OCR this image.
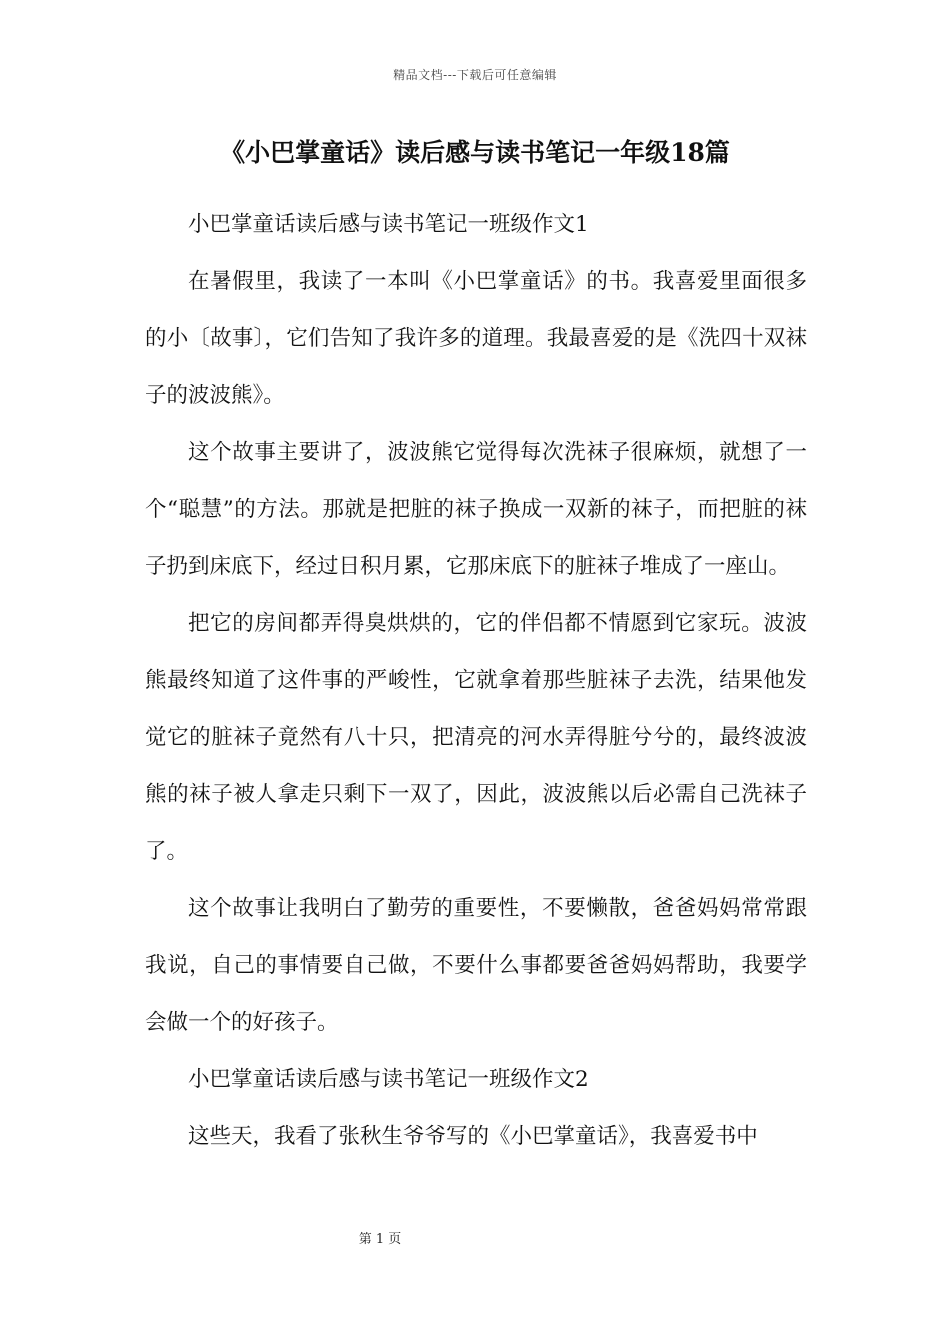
精品文档---下载后可任意编辑
《小巴掌童话》读后感与读书笔记一年级18篇

小巴掌童话读后感与读书笔记一班级作文1

在暑假里，我读了一本叫《小巴掌童话》的书。我喜爱里面很多的小〔故事〕，它们告知了我许多的道理。我最喜爱的是《洗四十双袜子的波波熊》。

这个故事主要讲了，波波熊它觉得每次洗袜子很麻烦，就想了一个“聪慧”的方法。那就是把脏的袜子换成一双新的袜子，而把脏的袜子扔到床底下，经过日积月累，它那床底下的脏袜子堆成了一座山。

把它的房间都弄得臭烘烘的，它的伴侣都不情愿到它家玩。波波熊最终知道了这件事的严峻性，它就拿着那些脏袜子去洗，结果他发觉它的脏袜子竟然有八十只，把清亮的河水弄得脏兮兮的，最终波波熊的袜子被人拿走只剩下一双了，因此，波波熊以后必需自己洗袜子了。

这个故事让我明白了勤劳的重要性，不要懒散，爸爸妈妈常常跟我说，自己的事情要自己做，不要什么事都要爸爸妈妈帮助，我要学会做一个的好孩子。

小巴掌童话读后感与读书笔记一班级作文2

这些天，我看了张秋生爷爷写的《小巴掌童话》，我喜爱书中

第 1 页
